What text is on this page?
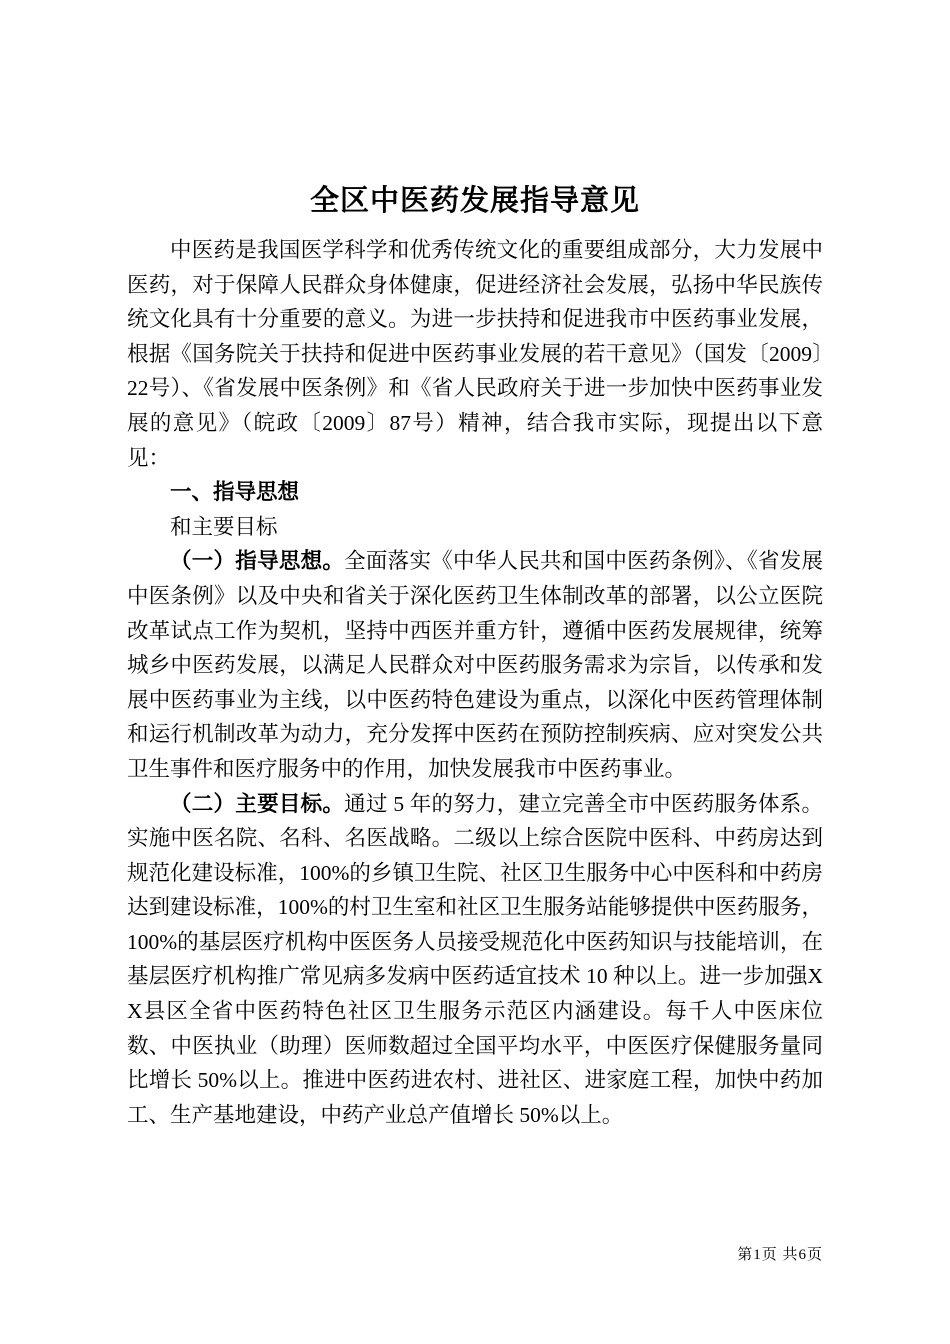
全区中医药发展指导意见

中医药是我国医学科学和优秀传统文化的重要组成部分，大力发展中医药，对于保障人民群众身体健康，促进经济社会发展，弘扬中华民族传统文化具有十分重要的意义。为进一步扶持和促进我市中医药事业发展，根据《国务院关于扶持和促进中医药事业发展的若干意见》（国发〔2009〕22号）、《省发展中医条例》和《省人民政府关于进一步加快中医药事业发展的意见》（皖政〔2009〕87号）精神，结合我市实际，现提出以下意见：

一、指导思想

和主要目标

（一）指导思想。全面落实《中华人民共和国中医药条例》、《省发展中医条例》以及中央和省关于深化医药卫生体制改革的部署，以公立医院改革试点工作为契机，坚持中西医并重方针，遵循中医药发展规律，统筹城乡中医药发展，以满足人民群众对中医药服务需求为宗旨，以传承和发展中医药事业为主线，以中医药特色建设为重点，以深化中医药管理体制和运行机制改革为动力，充分发挥中医药在预防控制疾病、应对突发公共卫生事件和医疗服务中的作用，加快发展我市中医药事业。

（二）主要目标。通过 5 年的努力，建立完善全市中医药服务体系。实施中医名院、名科、名医战略。二级以上综合医院中医科、中药房达到规范化建设标准，100%的乡镇卫生院、社区卫生服务中心中医科和中药房达到建设标准，100%的村卫生室和社区卫生服务站能够提供中医药服务，100%的基层医疗机构中医医务人员接受规范化中医药知识与技能培训，在基层医疗机构推广常见病多发病中医药适宜技术 10 种以上。进一步加强XX县区全省中医药特色社区卫生服务示范区内涵建设。每千人中医床位数、中医执业（助理）医师数超过全国平均水平，中医医疗保健服务量同比增长 50%以上。推进中医药进农村、进社区、进家庭工程，加快中药加工、生产基地建设，中药产业总产值增长 50%以上。

第1页 共6页
